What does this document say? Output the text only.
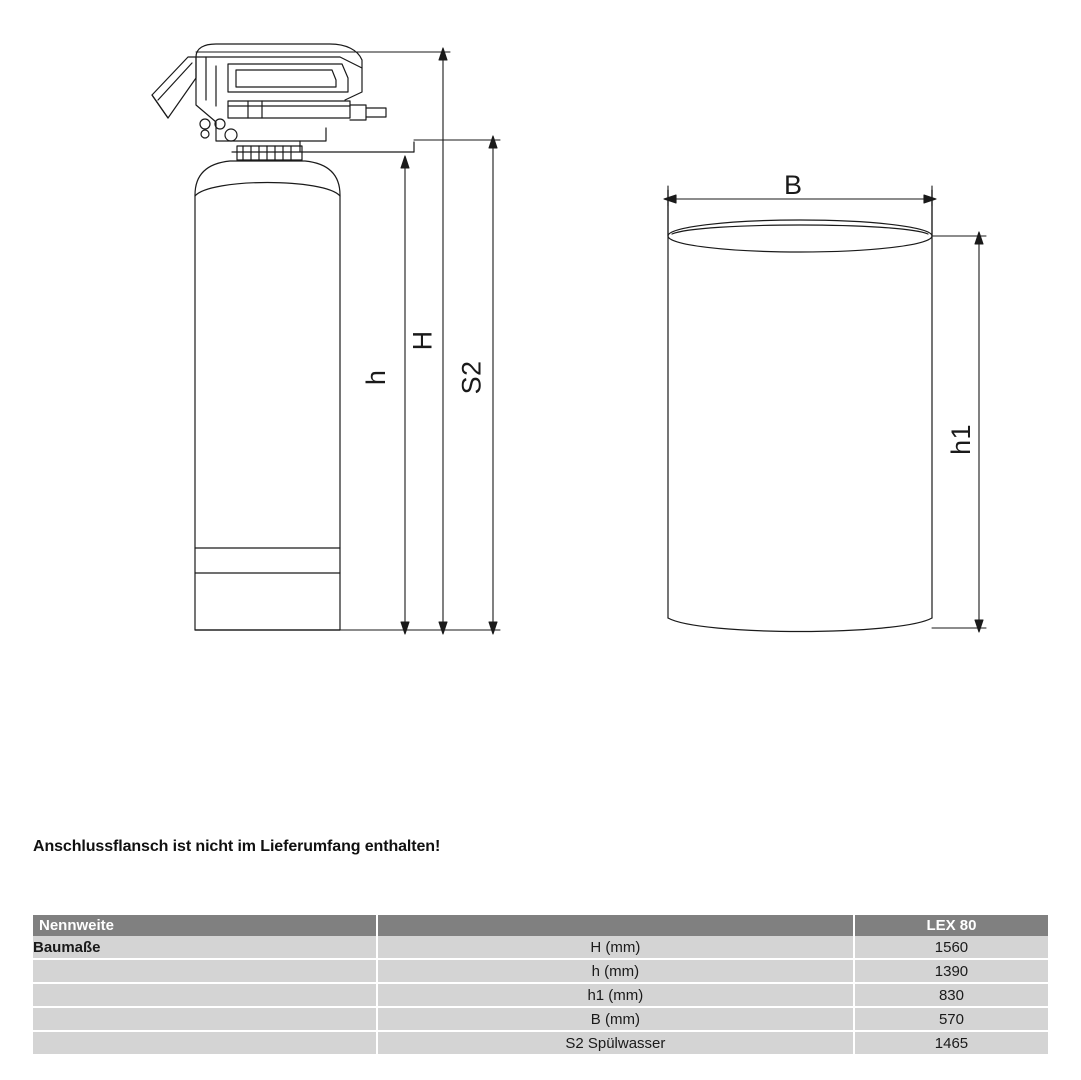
h
H
S2
h1
B
Anschlussflansch ist nicht im Lieferumfang enthalten!
Nennweite		LEX 80
Baumaße	H (mm)	1560
	h (mm)	1390
	h1 (mm)	830
	B (mm)	570
	S2 Spülwasser	1465
